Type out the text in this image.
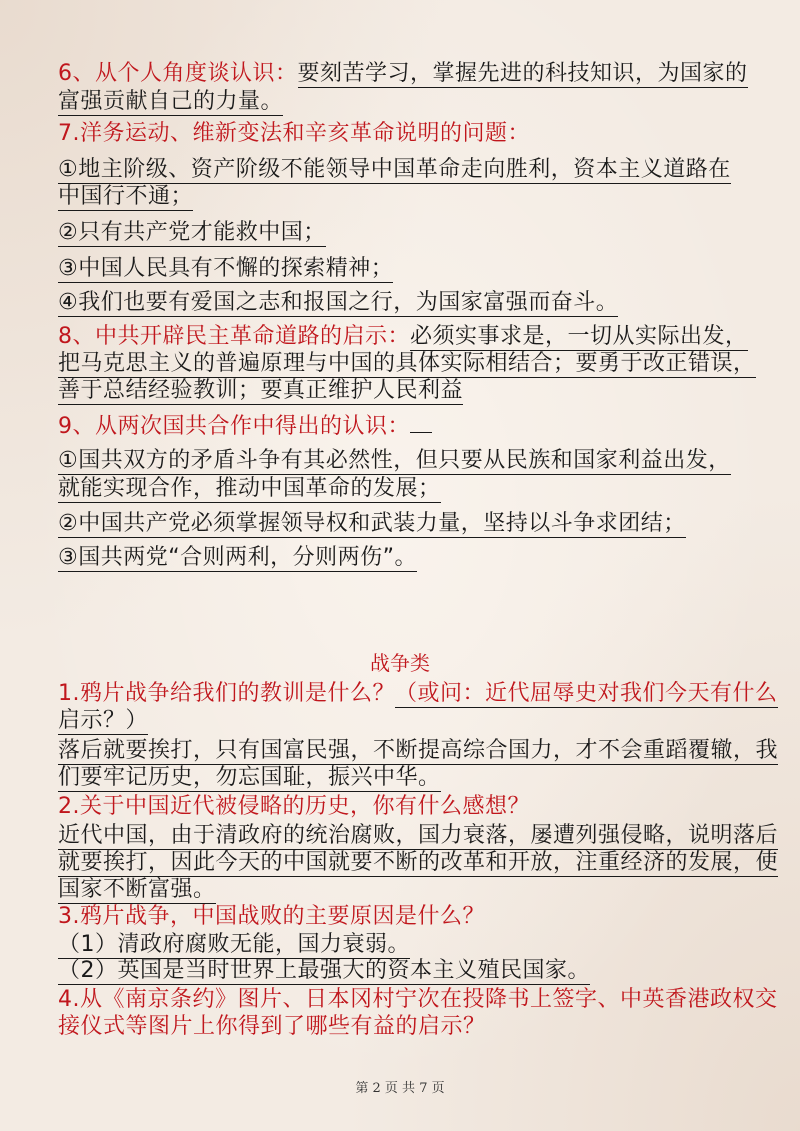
6、从个人角度谈认识：要刻苦学习，掌握先进的科技知识，为国家的
富强贡献自己的力量。
7.洋务运动、维新变法和辛亥革命说明的问题：
①地主阶级、资产阶级不能领导中国革命走向胜利，资本主义道路在
中国行不通；
②只有共产党才能救中国；
③中国人民具有不懈的探索精神；
④我们也要有爱国之志和报国之行，为国家富强而奋斗。
8、中共开辟民主革命道路的启示：必须实事求是，一切从实际出发，
把马克思主义的普遍原理与中国的具体实际相结合；要勇于改正错误，
善于总结经验教训；要真正维护人民利益
9、从两次国共合作中得出的认识：
①国共双方的矛盾斗争有其必然性，但只要从民族和国家利益出发，
就能实现合作，推动中国革命的发展；
②中国共产党必须掌握领导权和武装力量，坚持以斗争求团结；
③国共两党“合则两利，分则两伤”。
战争类
1.鸦片战争给我们的教训是什么？（或问：近代屈辱史对我们今天有什么
启示？）
落后就要挨打，只有国富民强，不断提高综合国力，才不会重蹈覆辙，我
们要牢记历史，勿忘国耻，振兴中华。
2.关于中国近代被侵略的历史，你有什么感想？
近代中国，由于清政府的统治腐败，国力衰落，屡遭列强侵略，说明落后
就要挨打，因此今天的中国就要不断的改革和开放，注重经济的发展，使
国家不断富强。
3.鸦片战争，中国战败的主要原因是什么？
（1）清政府腐败无能，国力衰弱。
（2）英国是当时世界上最强大的资本主义殖民国家。
4.从《南京条约》图片、日本冈村宁次在投降书上签字、中英香港政权交
接仪式等图片上你得到了哪些有益的启示？
第 2 页 共 7 页
